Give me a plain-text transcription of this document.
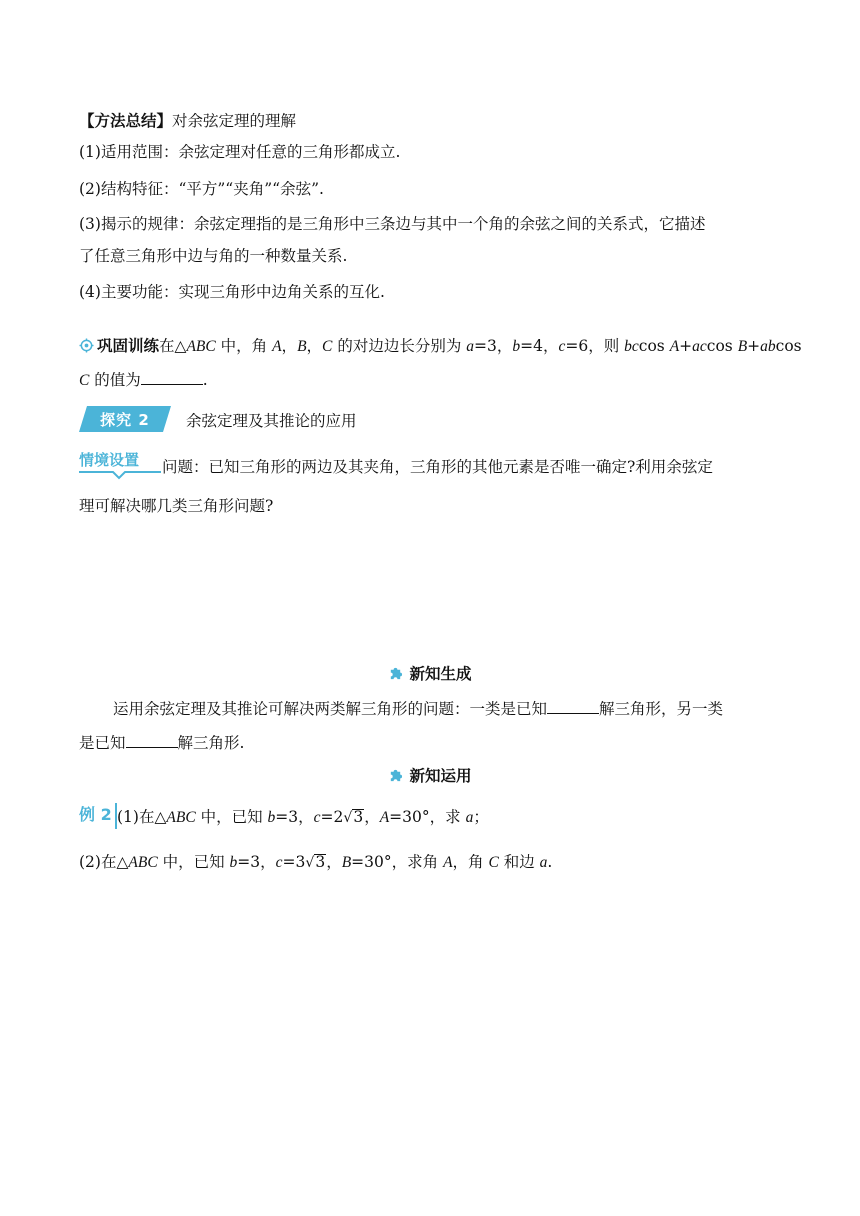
【方法总结】对余弦定理的理解
(1)适用范围：余弦定理对任意的三角形都成立.
(2)结构特征：“平方”“夹角”“余弦”.
(3)揭示的规律：余弦定理指的是三角形中三条边与其中一个角的余弦之间的关系式，它描述
了任意三角形中边与角的一种数量关系.
(4)主要功能：实现三角形中边角关系的互化.
巩固训练在△ABC 中，角 A，B，C 的对边边长分别为 a=3，b=4，c=6，则 bccos A+accos B+abcos
C 的值为	.
探究 2 余弦定理及其推论的应用
情境设置	问题：已知三角形的两边及其夹角，三角形的其他元素是否唯一确定?利用余弦定
理可解决哪几类三角形问题?
新知生成
运用余弦定理及其推论可解决两类解三角形的问题：一类是已知	解三角形，另一类
是已知	解三角形.
新知运用
例 2 (1)在△ABC 中，已知 b=3，c=2√3，A=30°，求 a；
(2)在△ABC 中，已知 b=3，c=3√3，B=30°，求角 A，角 C 和边 a.
